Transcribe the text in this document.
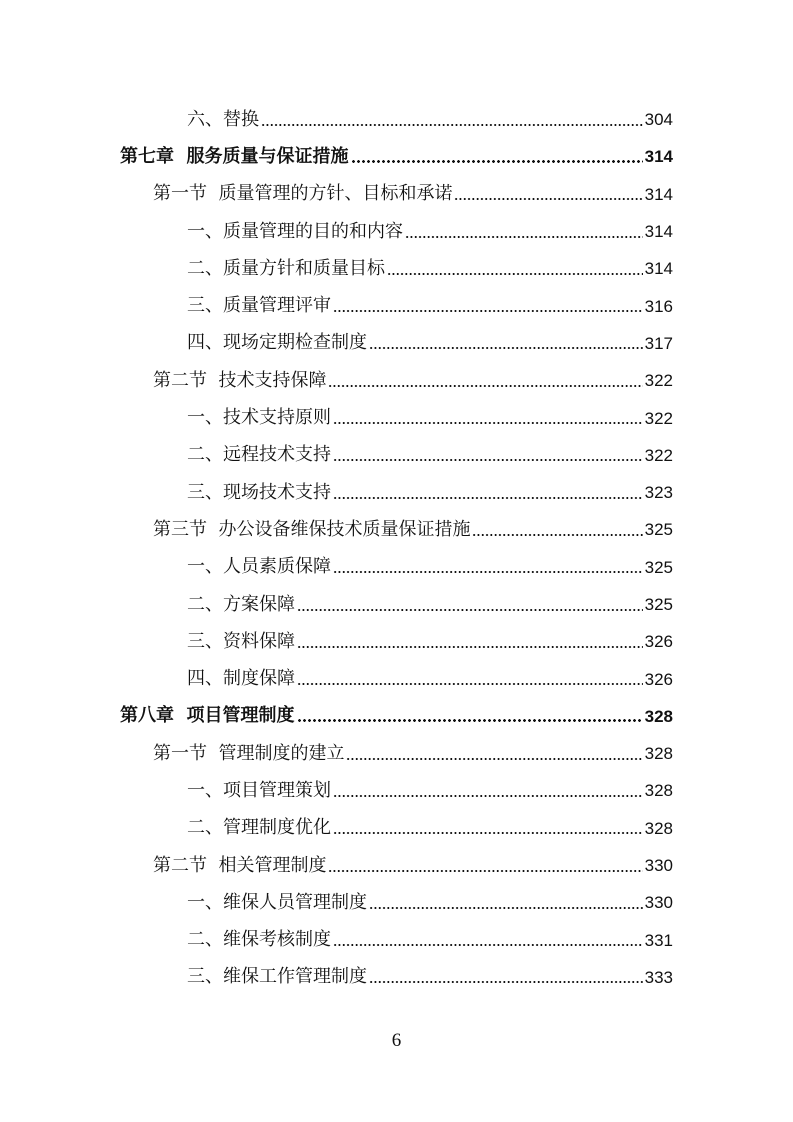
六、替换	304
第七章  服务质量与保证措施	314
第一节  质量管理的方针、目标和承诺	314
一、质量管理的目的和内容	314
二、质量方针和质量目标	314
三、质量管理评审	316
四、现场定期检查制度	317
第二节  技术支持保障	322
一、技术支持原则	322
二、远程技术支持	322
三、现场技术支持	323
第三节  办公设备维保技术质量保证措施	325
一、人员素质保障	325
二、方案保障	325
三、资料保障	326
四、制度保障	326
第八章  项目管理制度	328
第一节  管理制度的建立	328
一、项目管理策划	328
二、管理制度优化	328
第二节  相关管理制度	330
一、维保人员管理制度	330
二、维保考核制度	331
三、维保工作管理制度	333
6
